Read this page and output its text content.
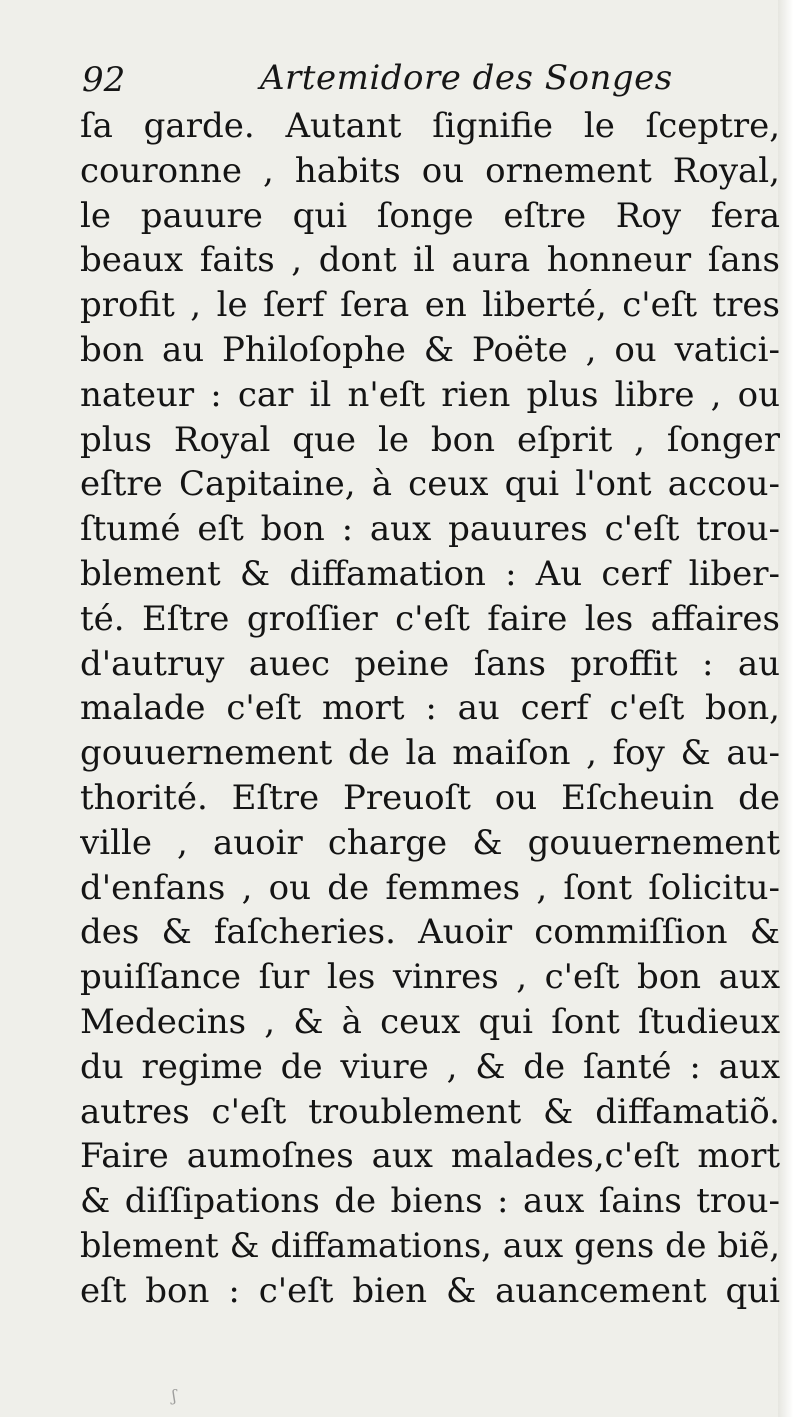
92	Artemidore des Songes
ſa garde. Autant ſignifie le ſceptre,
couronne , habits ou ornement Royal,
le pauure qui ſonge eſtre Roy fera
beaux faits , dont il aura honneur ſans
profit , le ſerf ſera en liberté, c'eſt tres
bon au Philoſophe & Poëte , ou vatici-
nateur : car il n'eſt rien plus libre , ou
plus Royal que le bon eſprit , ſonger
eſtre Capitaine, à ceux qui l'ont accou-
ſtumé eſt bon : aux pauures c'eſt trou-
blement & diffamation : Au cerf liber-
té. Eſtre groſſier c'eſt faire les affaires
d'autruy auec peine ſans proffit : au
malade c'eſt mort : au cerf c'eſt bon,
gouuernement de la maiſon , foy & au-
thorité. Eſtre Preuoſt ou Eſcheuin de
ville , auoir charge & gouuernement
d'enfans , ou de femmes , ſont ſolicitu-
des & faſcheries. Auoir commiſſion &
puiſſance ſur les vinres , c'eſt bon aux
Medecins , & à ceux qui ſont ſtudieux
du regime de viure , & de ſanté : aux
autres c'eſt troublement & diffamatiõ.
Faire aumoſnes aux malades,c'eſt mort
& diſſipations de biens : aux ſains trou-
blement & diffamations, aux gens de biẽ,
eſt bon : c'eſt bien & auancement qui
ʃ
